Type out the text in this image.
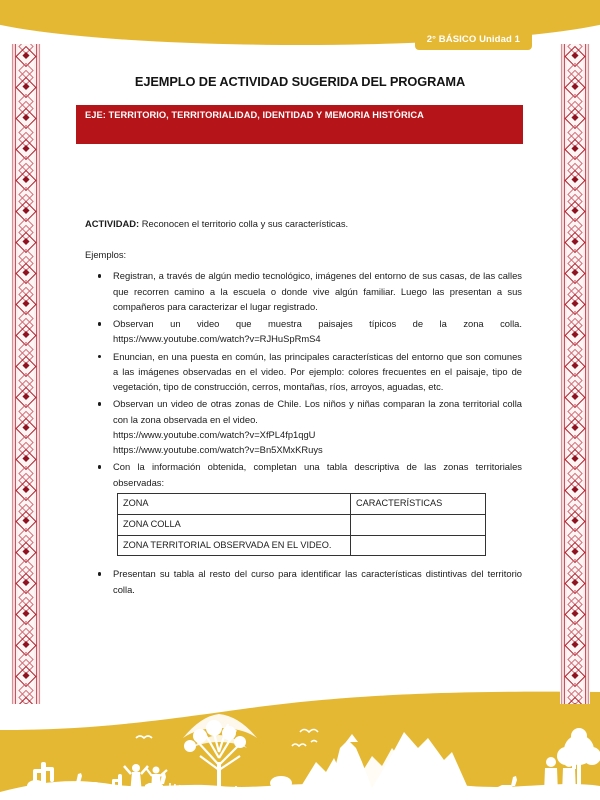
2° BÁSICO Unidad 1
EJEMPLO DE ACTIVIDAD SUGERIDA DEL PROGRAMA
EJE: TERRITORIO, TERRITORIALIDAD, IDENTIDAD Y MEMORIA HISTÓRICA

ACTIVIDAD: Reconocen el territorio colla y sus características.

Ejemplos:

Registran, a través de algún medio tecnológico, imágenes del entorno de sus casas, de las calles que recorren camino a la escuela o donde vive algún familiar. Luego las presentan a sus compañeros para caracterizar el lugar registrado.
Observan un video que muestra paisajes típicos de la zona colla.
https://www.youtube.com/watch?v=RJHuSpRmS4
Enuncian, en una puesta en común, las principales características del entorno que son comunes a las imágenes observadas en el video. Por ejemplo: colores frecuentes en el paisaje, tipo de vegetación, tipo de construcción, cerros, montañas, ríos, arroyos, aguadas, etc.
Observan un video de otras zonas de Chile. Los niños y niñas comparan la zona territorial colla con la zona observada en el video.
https://www.youtube.com/watch?v=XfPL4fp1qgU
https://www.youtube.com/watch?v=Bn5XMxKRuys
Con la información obtenida, completan una tabla descriptiva de las zonas territoriales observadas:
ZONA	CARACTERÍSTICAS
ZONA COLLA	
ZONA TERRITORIAL OBSERVADA EN EL VIDEO.	
Presentan su tabla al resto del curso para identificar las características distintivas del territorio colla.
